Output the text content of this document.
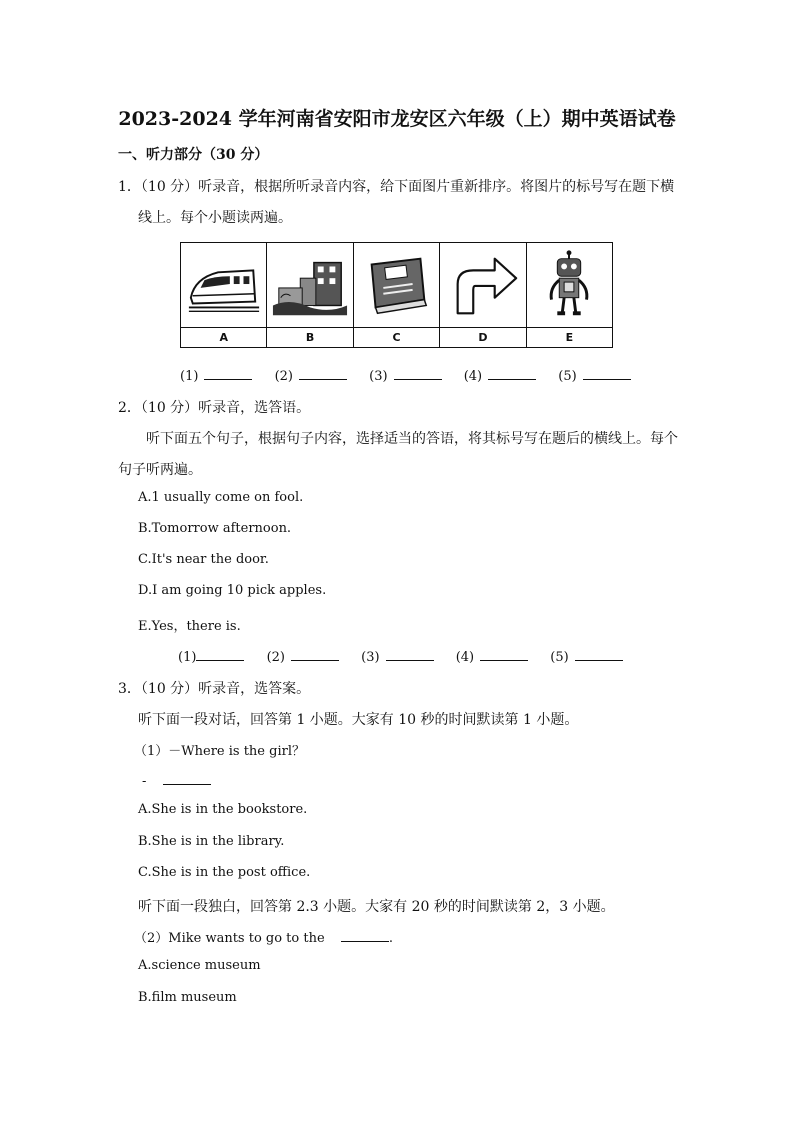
2023-2024 学年河南省安阳市龙安区六年级（上）期中英语试卷
一、听力部分（30 分）
1．（10 分）听录音，根据所听录音内容，给下面图片重新排序。将图片的标号写在题下横
线上。每个小题读两遍。
A	B	C	D	E
(1)	(2)	(3)	(4)	(5)
2．（10 分）听录音，选答语。
听下面五个句子，根据句子内容，选择适当的答语，将其标号写在题后的横线上。每个
句子听两遍。
A.1 usually come on fool.
B.Tomorrow afternoon.
C.It's near the door.
D.I am going 10 pick apples.
E.Yes，there is.
(1)	(2)	(3)	(4)	(5)
3．（10 分）听录音，选答案。
听下面一段对话，回答第 1 小题。大家有 10 秒的时间默读第 1 小题。
（1）－Where is the girl？
-
A.She is in the bookstore.
B.She is in the library.
C.She is in the post office.
听下面一段独白，回答第 2.3 小题。大家有 20 秒的时间默读第 2，3 小题。
（2）Mike wants to go to the	.
A.science museum
B.film museum
